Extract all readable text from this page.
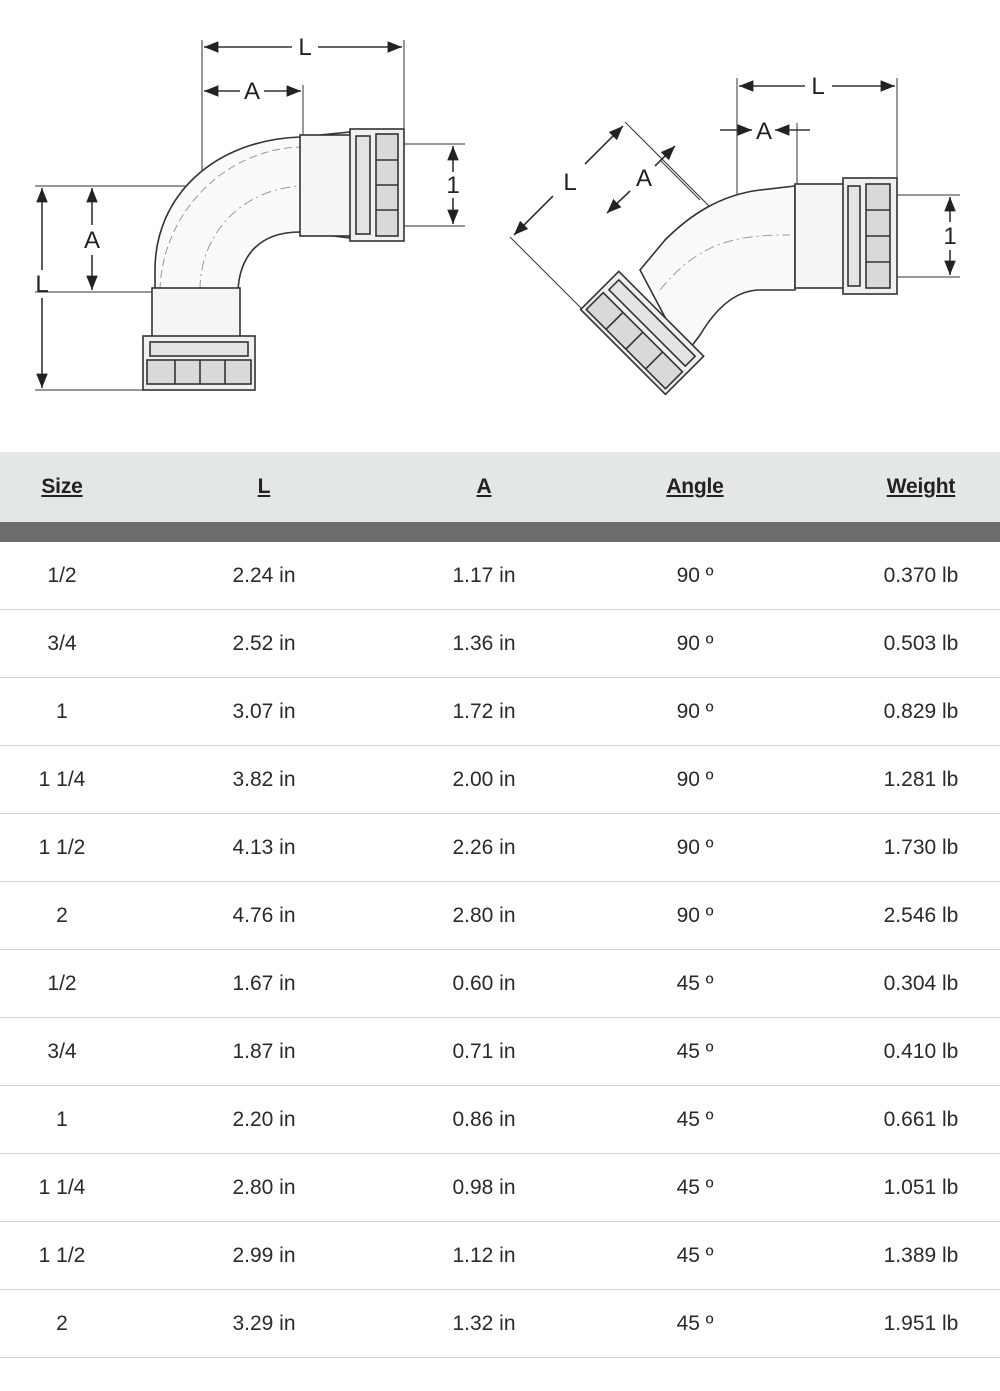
L
A
1
A
L
L
A
1
L A
Size	L	A	Angle	Weight
1/2	2.24 in	1.17 in	90 º	0.370 lb
3/4	2.52 in	1.36 in	90 º	0.503 lb
1	3.07 in	1.72 in	90 º	0.829 lb
1 1/4	3.82 in	2.00 in	90 º	1.281 lb
1 1/2	4.13 in	2.26 in	90 º	1.730 lb
2	4.76 in	2.80 in	90 º	2.546 lb
1/2	1.67 in	0.60 in	45 º	0.304 lb
3/4	1.87 in	0.71 in	45 º	0.410 lb
1	2.20 in	0.86 in	45 º	0.661 lb
1 1/4	2.80 in	0.98 in	45 º	1.051 lb
1 1/2	2.99 in	1.12 in	45 º	1.389 lb
2	3.29 in	1.32 in	45 º	1.951 lb
